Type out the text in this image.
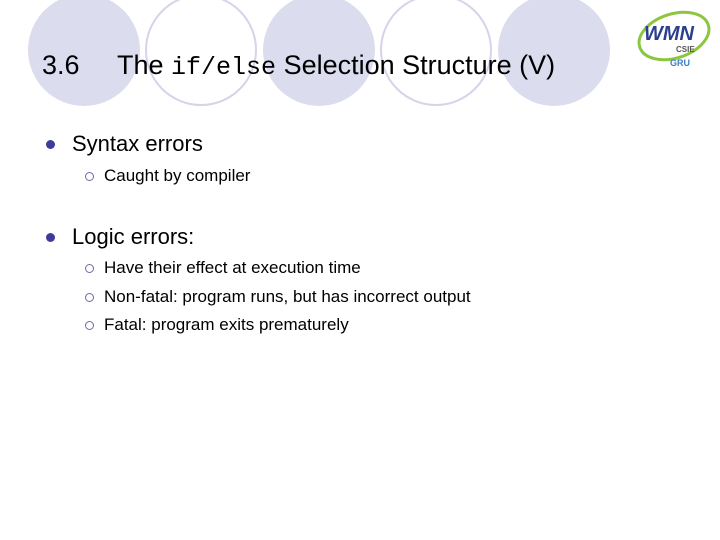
WMN
CSIE
GRU
3.6 The if/else Selection Structure (V)
Syntax errors
Caught by compiler
Logic errors:
Have their effect at execution time
Non-fatal: program runs, but has incorrect output
Fatal: program exits prematurely
